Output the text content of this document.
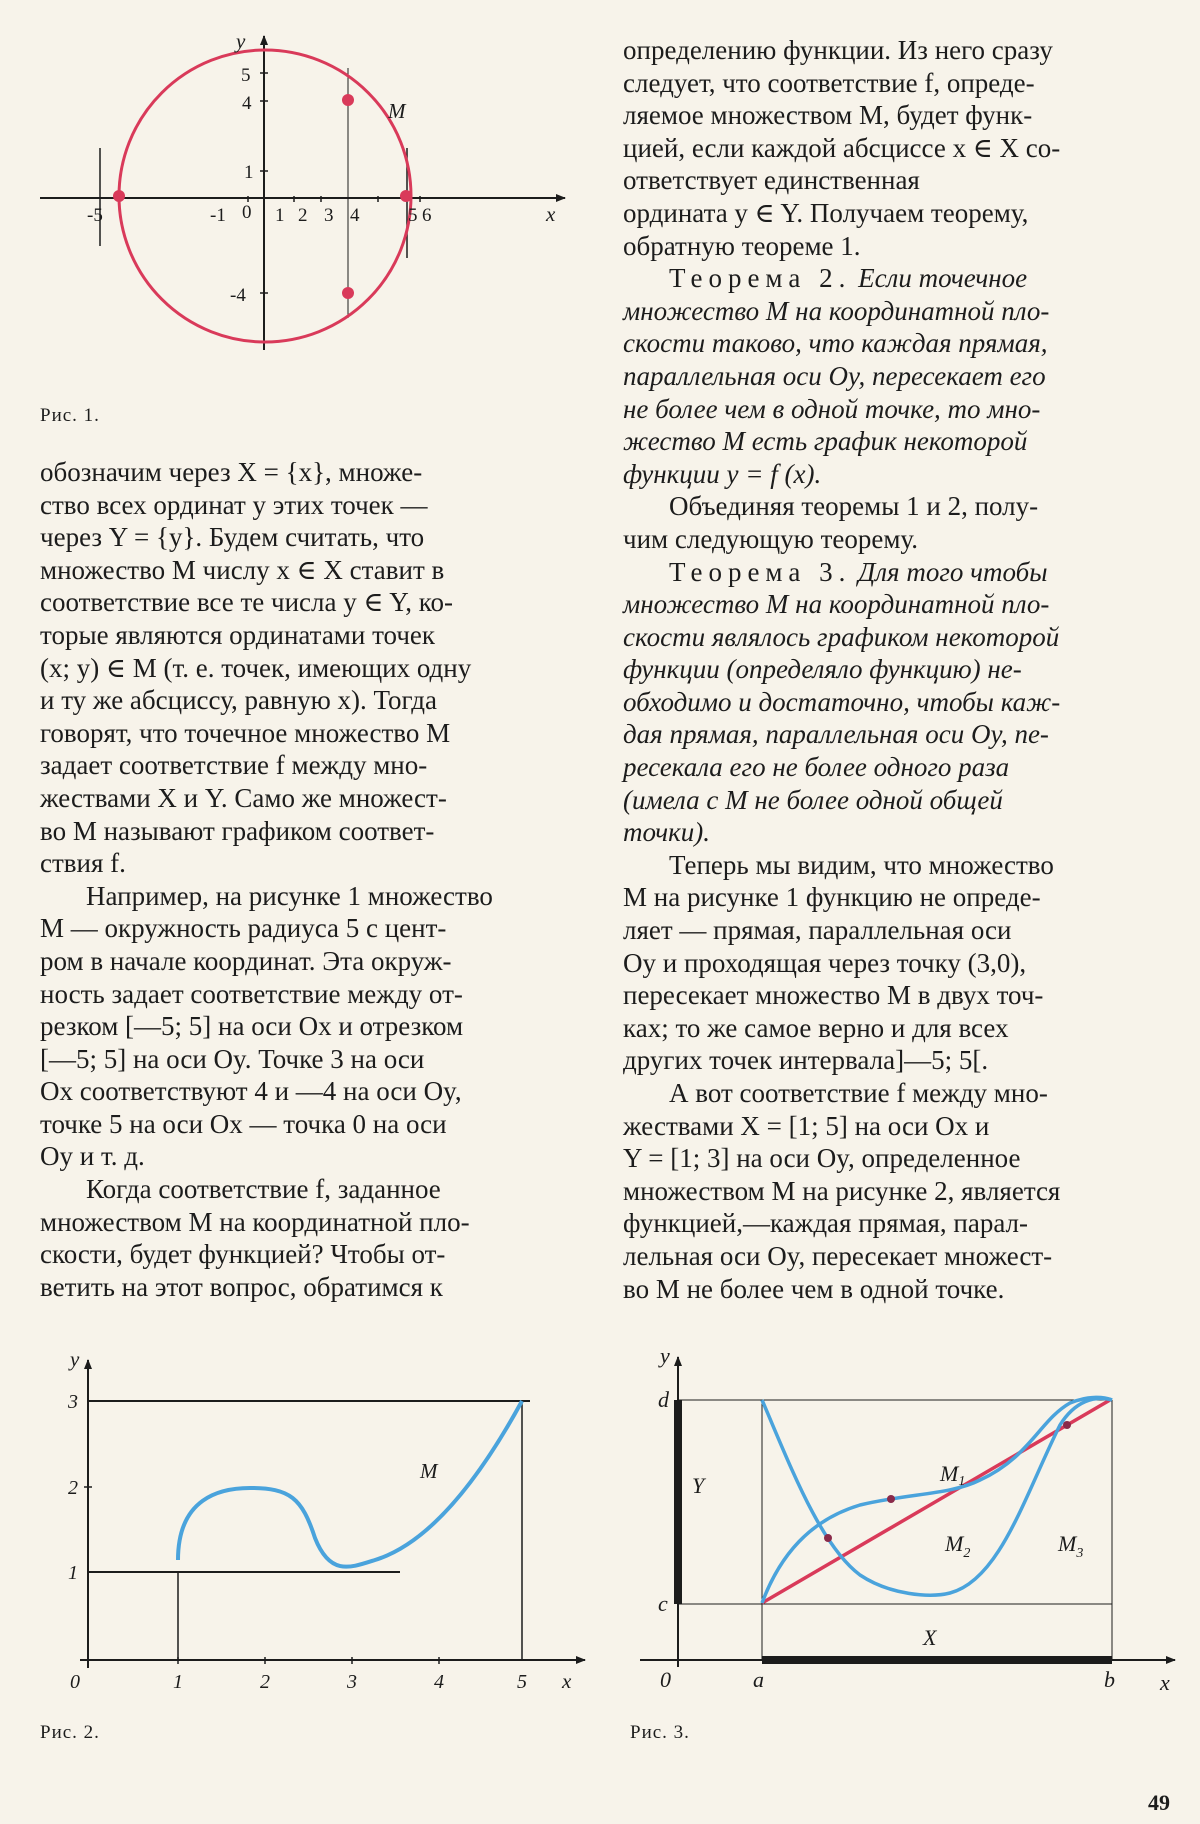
y
x
M
-5	-1 0 1 2 3 4	5 6
5
4
1
-4
Рис. 1.
обозначим через X = {x}, множе-
ство всех ординат y этих точек —
через Y = {y}. Будем считать, что
множество M числу x ∈ X ставит в
соответствие все те числа y ∈ Y, ко-
торые являются ординатами точек
(x; y) ∈ M (т. е. точек, имеющих одну
и ту же абсциссу, равную x). Тогда
говорят, что точечное множество M
задает соответствие f между мно-
жествами X и Y. Само же множест-
во M называют графиком соответ-
ствия f.
Например, на рисунке 1 множество
M — окружность радиуса 5 с цент-
ром в начале координат. Эта окруж-
ность задает соответствие между от-
резком [—5; 5] на оси Ox и отрезком
[—5; 5] на оси Oy. Точке 3 на оси
Ox соответствуют 4 и —4 на оси Oy,
точке 5 на оси Ox — точка 0 на оси
Oy и т. д.
Когда соответствие f, заданное
множеством M на координатной пло-
скости, будет функцией? Чтобы от-
ветить на этот вопрос, обратимся к
определению функции. Из него сразу
следует, что соответствие f, опреде-
ляемое множеством M, будет функ-
цией, если каждой абсциссе x ∈ X со-
ответствует единственная
ордината y ∈ Y. Получаем теорему,
обратную теореме 1.
Теорема 2. Если точечное
множество M на координатной пло-
скости таково, что каждая прямая,
параллельная оси Oy, пересекает его
не более чем в одной точке, то мно-
жество M есть график некоторой
функции y = f (x).
Объединяя теоремы 1 и 2, полу-
чим следующую теорему.
Теорема 3. Для того чтобы
множество M на координатной пло-
скости являлось графиком некоторой
функции (определяло функцию) не-
обходимо и достаточно, чтобы каж-
дая прямая, параллельная оси Oy, пе-
ресекала его не более одного раза
(имела с M не более одной общей
точки).
Теперь мы видим, что множество
M на рисунке 1 функцию не опреде-
ляет — прямая, параллельная оси
Oy и проходящая через точку (3,0),
пересекает множество M в двух точ-
ках; то же самое верно и для всех
других точек интервала]—5; 5[.
А вот соответствие f между мно-
жествами X = [1; 5] на оси Ox и
Y = [1; 3] на оси Oy, определенное
множеством M на рисунке 2, является
функцией,—каждая прямая, парал-
лельная оси Oy, пересекает множест-
во M не более чем в одной точке.
y
x
M
0	1	2	3	4	5
1
2
3
Рис. 2.
y
x
d
c
a	b
0
Y
X
M1
$M_2$	$M_3$
Рис. 3.
49
